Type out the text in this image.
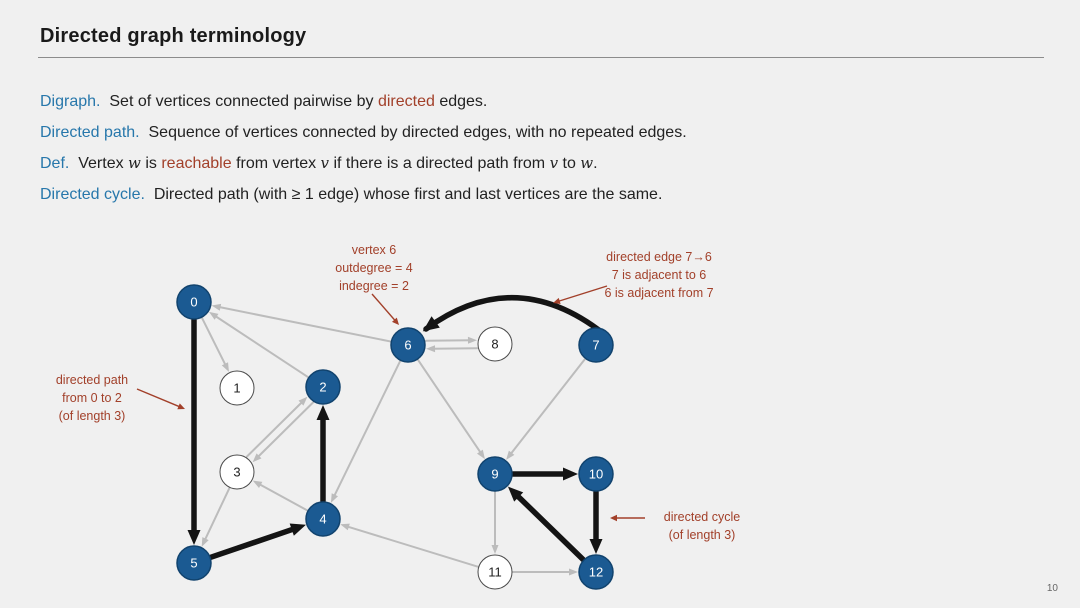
Directed graph terminology
Digraph.  Set of vertices connected pairwise by directed edges.
Directed path.  Sequence of vertices connected by directed edges, with no repeated edges.
Def.  Vertex w is reachable from vertex v if there is a directed path from v to w.
Directed cycle.  Directed path (with ≥ 1 edge) whose first and last vertices are the same.
0
1	2
3
4
5
6	7
8
9	10
11	12
vertex 6
outdegree = 4
indegree = 2
directed edge 7→6
7 is adjacent to 6
6 is adjacent from 7
directed path
from 0 to 2
(of length 3)
directed cycle
(of length 3)
10
